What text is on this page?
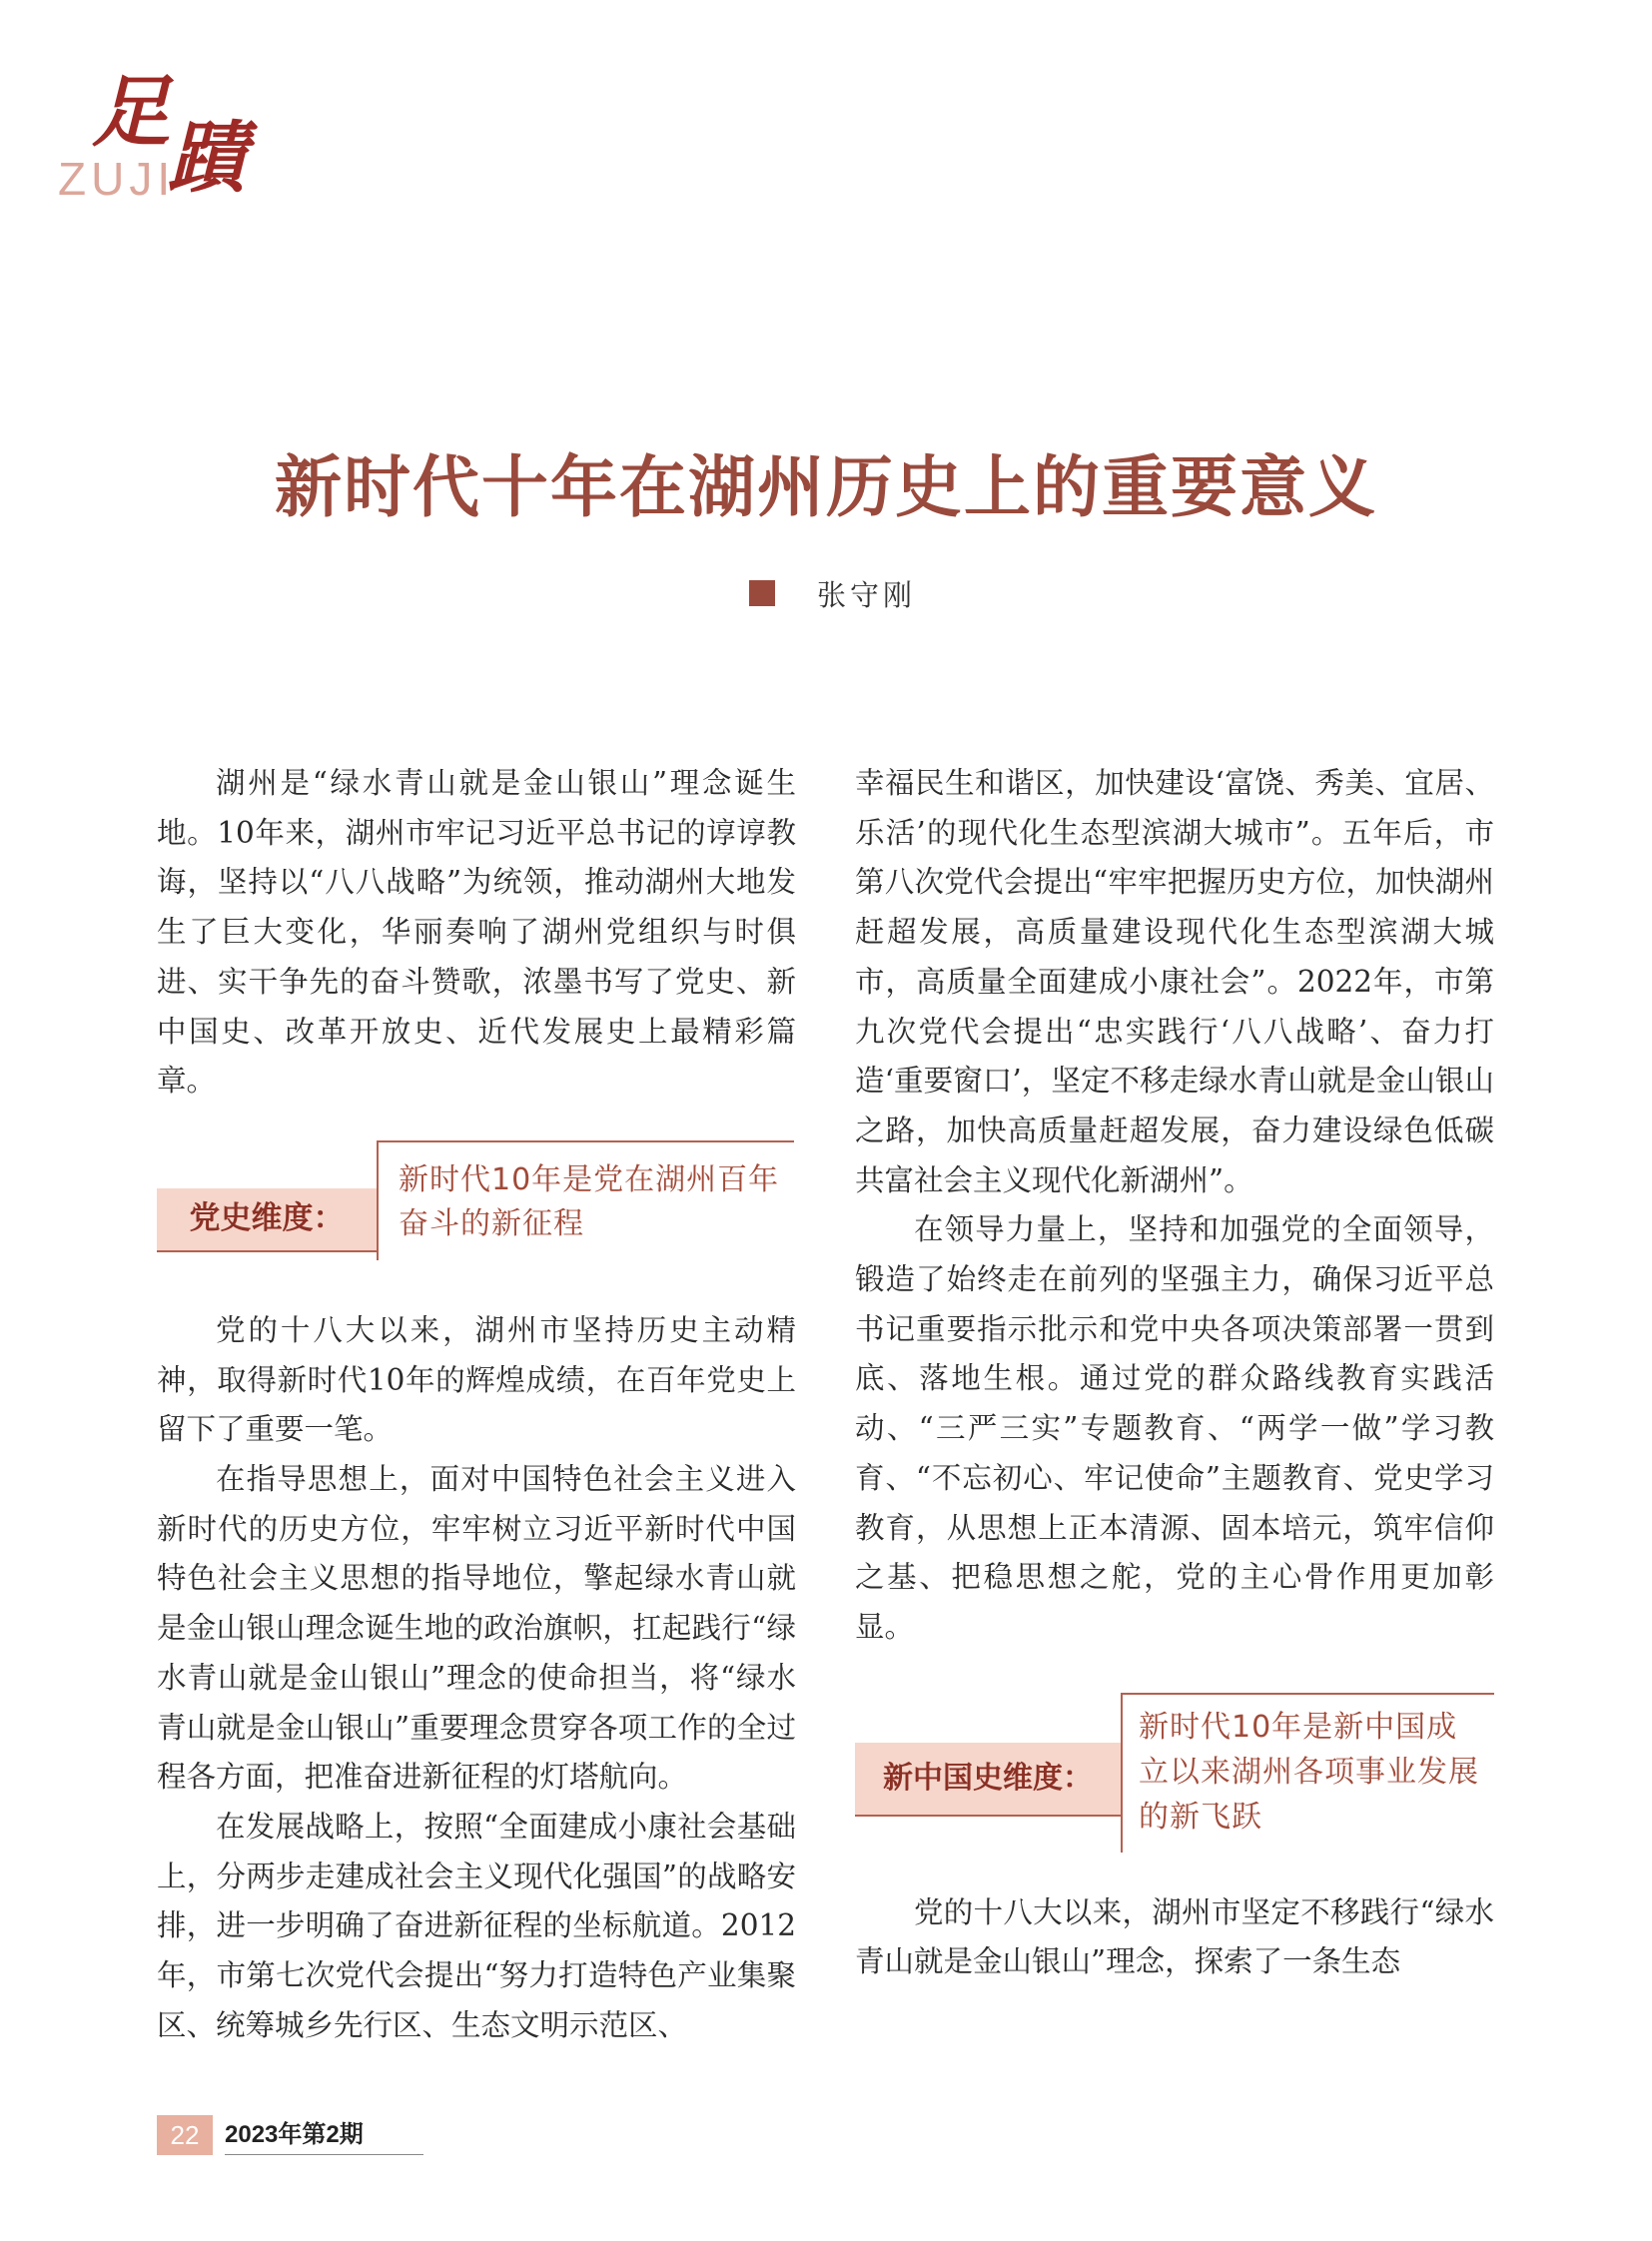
足
蹟
ZUJI
新时代十年在湖州历史上的重要意义
张守刚

湖州是“绿水青山就是金山银山”理念诞生地。10年来，湖州市牢记习近平总书记的谆谆教诲，坚持以“八八战略”为统领，推动湖州大地发生了巨大变化，华丽奏响了湖州党组织与时俱进、实干争先的奋斗赞歌，浓墨书写了党史、新中国史、改革开放史、近代发展史上最精彩篇章。

党史维度：
新时代10年是党在湖州百年奋斗的新征程

党的十八大以来，湖州市坚持历史主动精神，取得新时代10年的辉煌成绩，在百年党史上留下了重要一笔。

在指导思想上，面对中国特色社会主义进入新时代的历史方位，牢牢树立习近平新时代中国特色社会主义思想的指导地位，擎起绿水青山就是金山银山理念诞生地的政治旗帜，扛起践行“绿水青山就是金山银山”理念的使命担当，将“绿水青山就是金山银山”重要理念贯穿各项工作的全过程各方面，把准奋进新征程的灯塔航向。

在发展战略上，按照“全面建成小康社会基础上，分两步走建成社会主义现代化强国”的战略安排，进一步明确了奋进新征程的坐标航道。2012年，市第七次党代会提出“努力打造特色产业集聚区、统筹城乡先行区、生态文明示范区、

幸福民生和谐区，加快建设‘富饶、秀美、宜居、乐活’的现代化生态型滨湖大城市”。五年后，市第八次党代会提出“牢牢把握历史方位，加快湖州赶超发展，高质量建设现代化生态型滨湖大城市，高质量全面建成小康社会”。2022年，市第九次党代会提出“忠实践行‘八八战略’、奋力打造‘重要窗口’，坚定不移走绿水青山就是金山银山之路，加快高质量赶超发展，奋力建设绿色低碳共富社会主义现代化新湖州”。

在领导力量上，坚持和加强党的全面领导，锻造了始终走在前列的坚强主力，确保习近平总书记重要指示批示和党中央各项决策部署一贯到底、落地生根。通过党的群众路线教育实践活动、“三严三实”专题教育、“两学一做”学习教育、“不忘初心、牢记使命”主题教育、党史学习教育，从思想上正本清源、固本培元，筑牢信仰之基、把稳思想之舵，党的主心骨作用更加彰显。

新中国史维度：
新时代10年是新中国成立以来湖州各项事业发展的新飞跃

党的十八大以来，湖州市坚定不移践行“绿水青山就是金山银山”理念，探索了一条生态

22	2023年第2期
